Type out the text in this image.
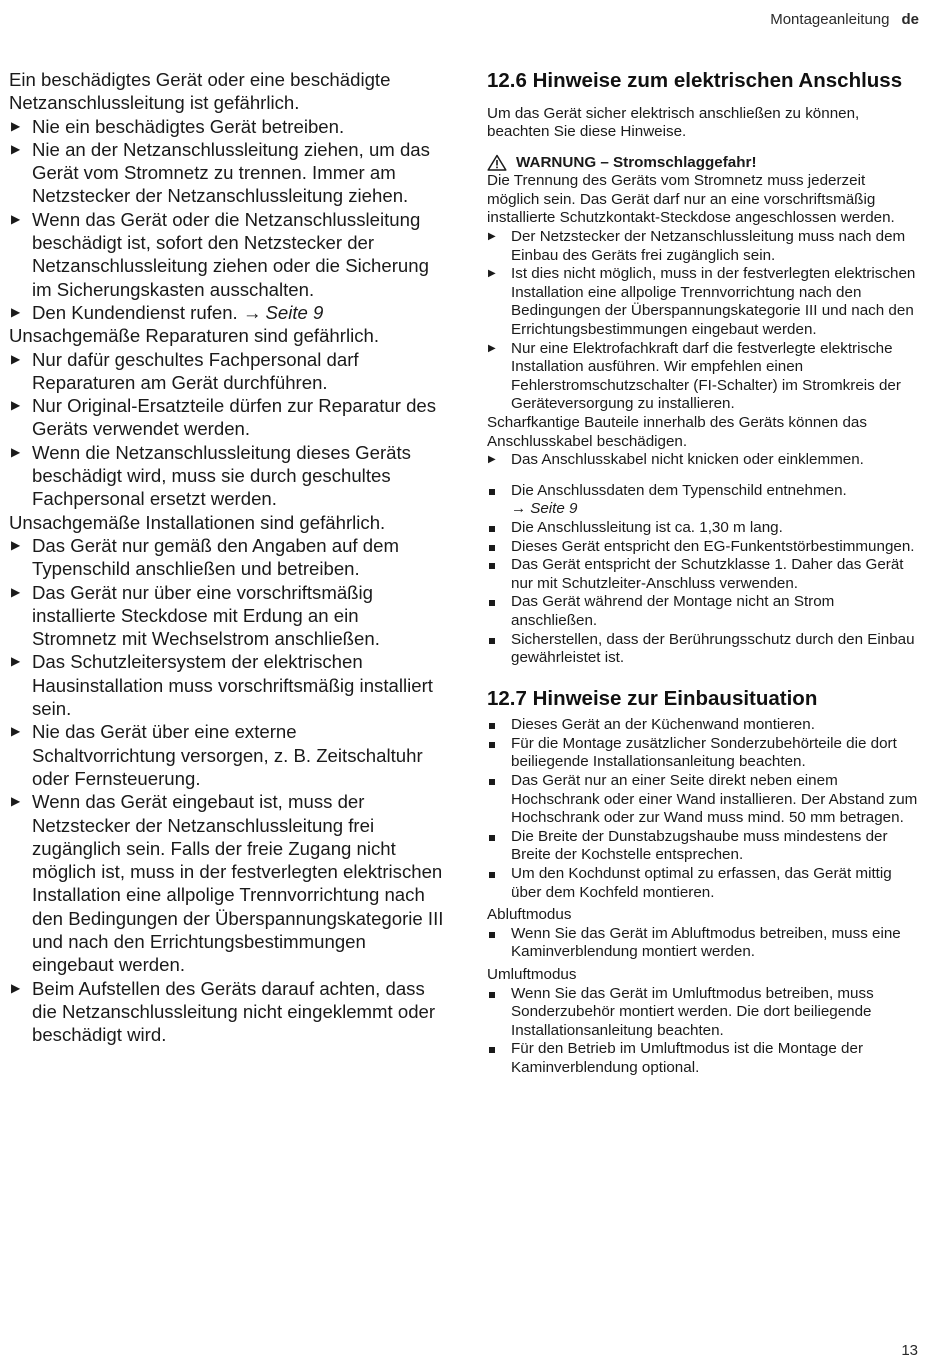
Montageanleitung de

Ein beschädigtes Gerät oder eine beschädigte Netzanschlussleitung ist gefährlich.

▶ Nie ein beschädigtes Gerät betreiben.
▶ Nie an der Netzanschlussleitung ziehen, um das Gerät vom Stromnetz zu trennen. Immer am Netzstecker der Netzanschlussleitung ziehen.
▶ Wenn das Gerät oder die Netzanschlussleitung beschädigt ist, sofort den Netzstecker der Netzanschlussleitung ziehen oder die Sicherung im Sicherungskasten ausschalten.
▶ Den Kundendienst rufen. → Seite 9

Unsachgemäße Reparaturen sind gefährlich.

▶ Nur dafür geschultes Fachpersonal darf Reparaturen am Gerät durchführen.
▶ Nur Original-Ersatzteile dürfen zur Reparatur des Geräts verwendet werden.
▶ Wenn die Netzanschlussleitung dieses Geräts beschädigt wird, muss sie durch geschultes Fachpersonal ersetzt werden.

Unsachgemäße Installationen sind gefährlich.

▶ Das Gerät nur gemäß den Angaben auf dem Typenschild anschließen und betreiben.
▶ Das Gerät nur über eine vorschriftsmäßig installierte Steckdose mit Erdung an ein Stromnetz mit Wechselstrom anschließen.
▶ Das Schutzleitersystem der elektrischen Hausinstallation muss vorschriftsmäßig installiert sein.
▶ Nie das Gerät über eine externe Schaltvorrichtung versorgen, z. B. Zeitschaltuhr oder Fernsteuerung.
▶ Wenn das Gerät eingebaut ist, muss der Netzstecker der Netzanschlussleitung frei zugänglich sein. Falls der freie Zugang nicht möglich ist, muss in der festverlegten elektrischen Installation eine allpolige Trennvorrichtung nach den Bedingungen der Überspannungskategorie III und nach den Errichtungsbestimmungen eingebaut werden.
▶ Beim Aufstellen des Geräts darauf achten, dass die Netzanschlussleitung nicht eingeklemmt oder beschädigt wird.
12.6 Hinweise zum elektrischen Anschluss

Um das Gerät sicher elektrisch anschließen zu können, beachten Sie diese Hinweise.

WARNUNG – Stromschlaggefahr!

Die Trennung des Geräts vom Stromnetz muss jederzeit möglich sein. Das Gerät darf nur an eine vorschriftsmäßig installierte Schutzkontakt-Steckdose angeschlossen werden.

▶ Der Netzstecker der Netzanschlussleitung muss nach dem Einbau des Geräts frei zugänglich sein.
▶ Ist dies nicht möglich, muss in der festverlegten elektrischen Installation eine allpolige Trennvorrichtung nach den Bedingungen der Überspannungskategorie III und nach den Errichtungsbestimmungen eingebaut werden.
▶ Nur eine Elektrofachkraft darf die festverlegte elektrische Installation ausführen. Wir empfehlen einen Fehlerstromschutzschalter (FI-Schalter) im Stromkreis der Geräteversorgung zu installieren.

Scharfkantige Bauteile innerhalb des Geräts können das Anschlusskabel beschädigen.

▶ Das Anschlusskabel nicht knicken oder einklemmen.
Die Anschlussdaten dem Typenschild entnehmen.
→ Seite 9
Die Anschlussleitung ist ca. 1,30 m lang.
Dieses Gerät entspricht den EG-Funkentstörbestimmungen.
Das Gerät entspricht der Schutzklasse 1. Daher das Gerät nur mit Schutzleiter-Anschluss verwenden.
Das Gerät während der Montage nicht an Strom anschließen.
Sicherstellen, dass der Berührungsschutz durch den Einbau gewährleistet ist.
12.7 Hinweise zur Einbausituation
Dieses Gerät an der Küchenwand montieren.
Für die Montage zusätzlicher Sonderzubehörteile die dort beiliegende Installationsanleitung beachten.
Das Gerät nur an einer Seite direkt neben einem Hochschrank oder einer Wand installieren. Der Abstand zum Hochschrank oder zur Wand muss mind. 50 mm betragen.
Die Breite der Dunstabzugshaube muss mindestens der Breite der Kochstelle entsprechen.
Um den Kochdunst optimal zu erfassen, das Gerät mittig über dem Kochfeld montieren.

Abluftmodus

Wenn Sie das Gerät im Abluftmodus betreiben, muss eine Kaminverblendung montiert werden.

Umluftmodus

Wenn Sie das Gerät im Umluftmodus betreiben, muss Sonderzubehör montiert werden. Die dort beiliegende Installationsanleitung beachten.
Für den Betrieb im Umluftmodus ist die Montage der Kaminverblendung optional.
13
